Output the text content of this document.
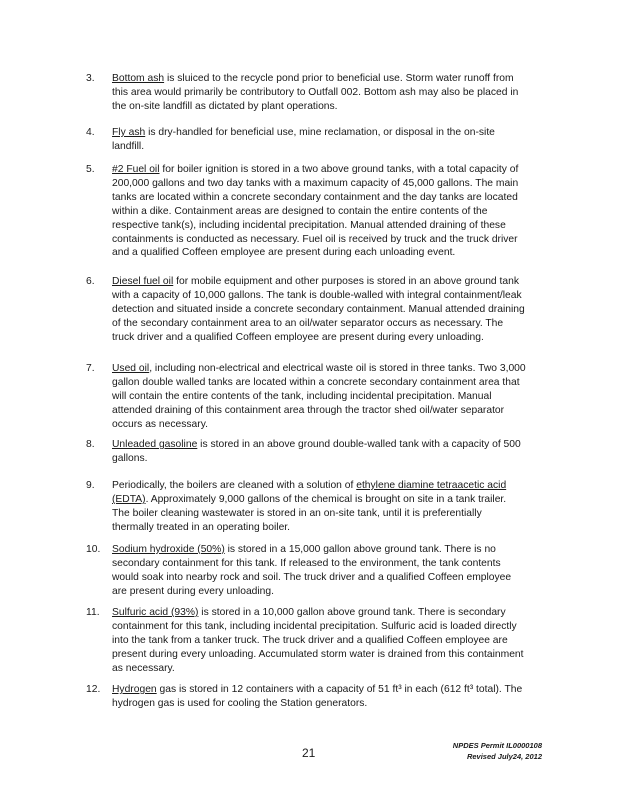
3.	Bottom ash is sluiced to the recycle pond prior to beneficial use. Storm water runoff from this area would primarily be contributory to Outfall 002. Bottom ash may also be placed in the on-site landfill as dictated by plant operations.
4.	Fly ash is dry-handled for beneficial use, mine reclamation, or disposal in the on-site landfill.
5.	#2 Fuel oil for boiler ignition is stored in a two above ground tanks, with a total capacity of 200,000 gallons and two day tanks with a maximum capacity of 45,000 gallons. The main tanks are located within a concrete secondary containment and the day tanks are located within a dike. Containment areas are designed to contain the entire contents of the respective tank(s), including incidental precipitation. Manual attended draining of these containments is conducted as necessary. Fuel oil is received by truck and the truck driver and a qualified Coffeen employee are present during each unloading event.
6.	Diesel fuel oil for mobile equipment and other purposes is stored in an above ground tank with a capacity of 10,000 gallons. The tank is double-walled with integral containment/leak detection and situated inside a concrete secondary containment. Manual attended draining of the secondary containment area to an oil/water separator occurs as necessary. The truck driver and a qualified Coffeen employee are present during every unloading.
7.	Used oil, including non-electrical and electrical waste oil is stored in three tanks. Two 3,000 gallon double walled tanks are located within a concrete secondary containment area that will contain the entire contents of the tank, including incidental precipitation. Manual attended draining of this containment area through the tractor shed oil/water separator occurs as necessary.
8.	Unleaded gasoline is stored in an above ground double-walled tank with a capacity of 500 gallons.
9.	Periodically, the boilers are cleaned with a solution of ethylene diamine tetraacetic acid (EDTA). Approximately 9,000 gallons of the chemical is brought on site in a tank trailer. The boiler cleaning wastewater is stored in an on-site tank, until it is preferentially thermally treated in an operating boiler.
10.	Sodium hydroxide (50%) is stored in a 15,000 gallon above ground tank. There is no secondary containment for this tank. If released to the environment, the tank contents would soak into nearby rock and soil. The truck driver and a qualified Coffeen employee are present during every unloading.
11.	Sulfuric acid (93%) is stored in a 10,000 gallon above ground tank. There is secondary containment for this tank, including incidental precipitation. Sulfuric acid is loaded directly into the tank from a tanker truck. The truck driver and a qualified Coffeen employee are present during every unloading. Accumulated storm water is drained from this containment as necessary.
12.	Hydrogen gas is stored in 12 containers with a capacity of 51 ft³ in each (612 ft³ total). The hydrogen gas is used for cooling the Station generators.
21
NPDES Permit IL0000108
Revised July24, 2012
